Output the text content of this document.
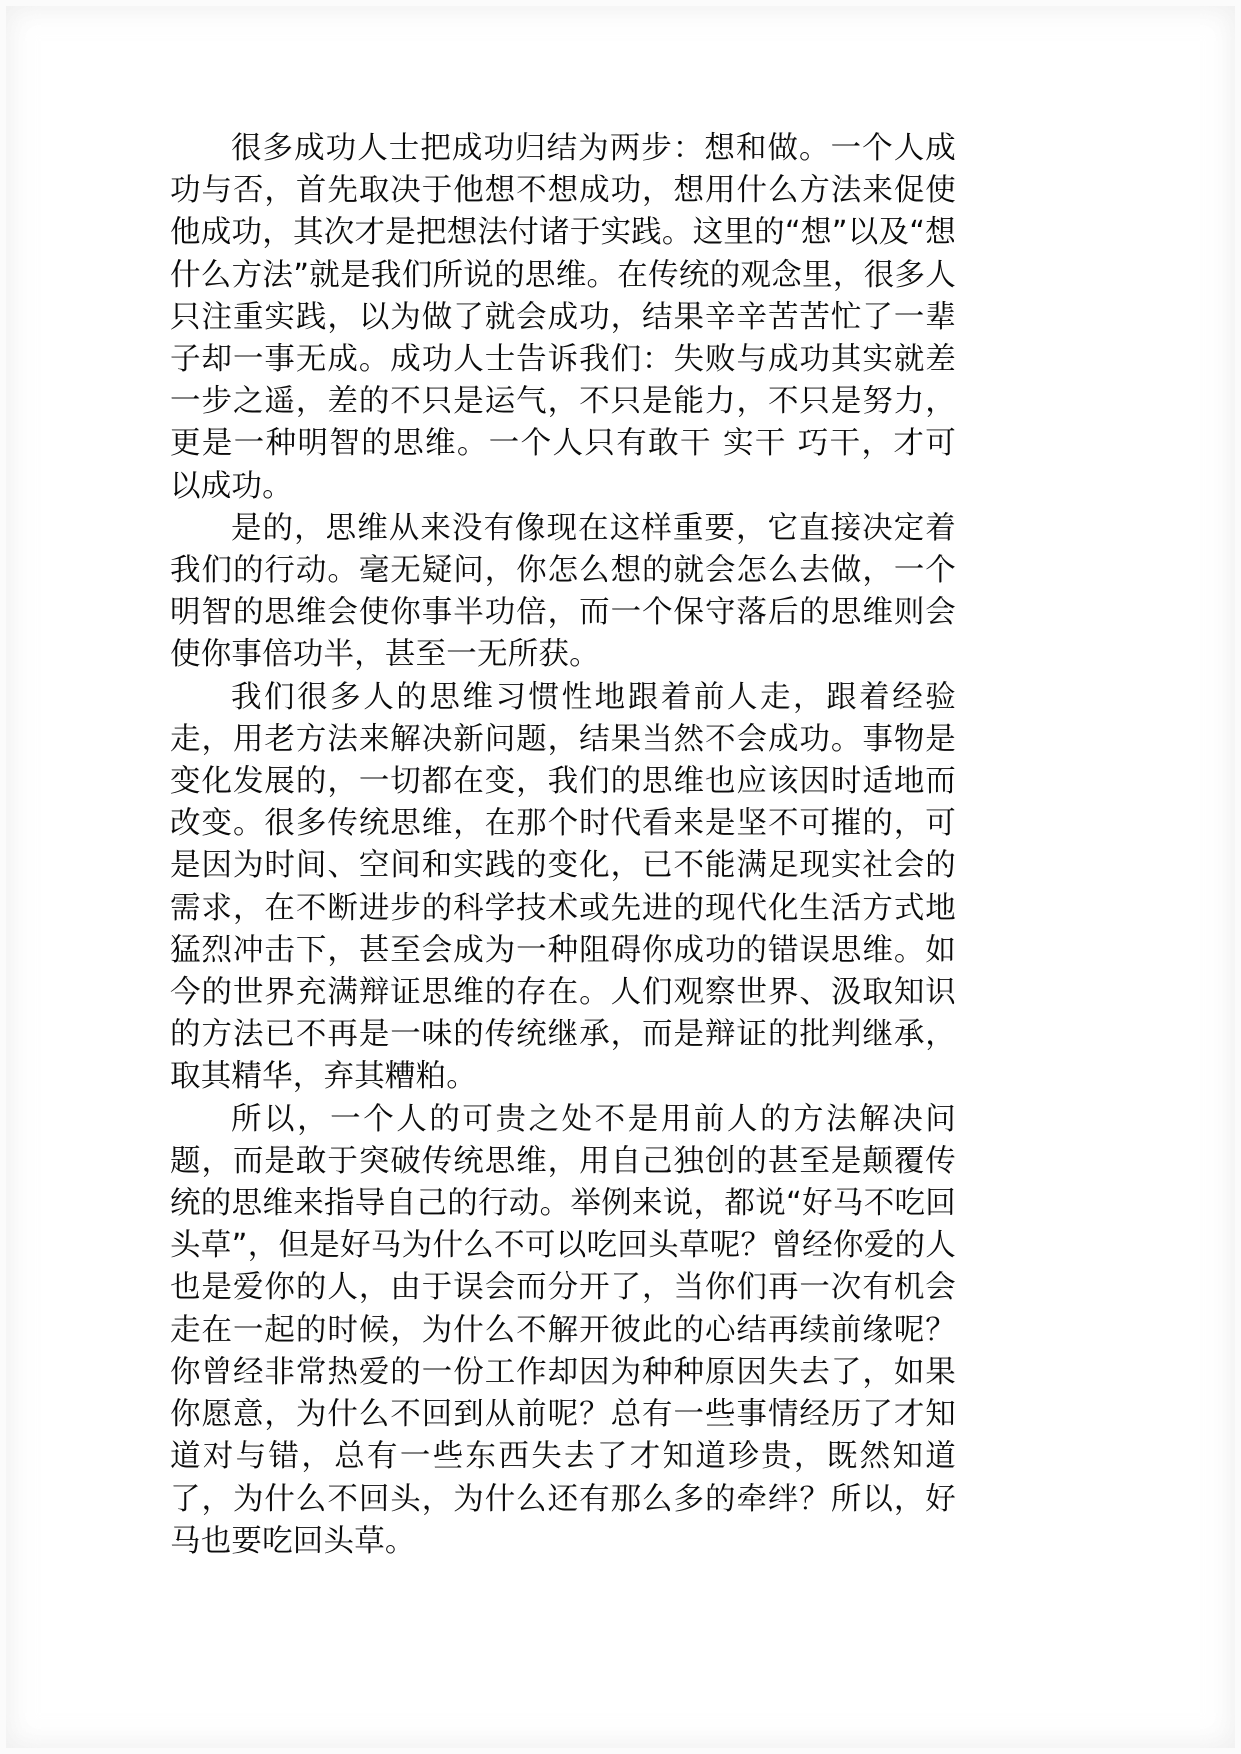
很多成功人士把成功归结为两步：想和做。一个人成功与否，首先取决于他想不想成功，想用什么方法来促使他成功，其次才是把想法付诸于实践。这里的“想”以及“想什么方法”就是我们所说的思维。在传统的观念里，很多人只注重实践，以为做了就会成功，结果辛辛苦苦忙了一辈子却一事无成。成功人士告诉我们：失败与成功其实就差一步之遥，差的不只是运气，不只是能力，不只是努力，更是一种明智的思维。一个人只有敢干 实干 巧干，才可以成功。

是的，思维从来没有像现在这样重要，它直接决定着我们的行动。毫无疑问，你怎么想的就会怎么去做，一个明智的思维会使你事半功倍，而一个保守落后的思维则会使你事倍功半，甚至一无所获。

我们很多人的思维习惯性地跟着前人走，跟着经验走，用老方法来解决新问题，结果当然不会成功。事物是变化发展的，一切都在变，我们的思维也应该因时适地而改变。很多传统思维，在那个时代看来是坚不可摧的，可是因为时间、空间和实践的变化，已不能满足现实社会的需求，在不断进步的科学技术或先进的现代化生活方式地猛烈冲击下，甚至会成为一种阻碍你成功的错误思维。如今的世界充满辩证思维的存在。人们观察世界、汲取知识的方法已不再是一味的传统继承，而是辩证的批判继承，取其精华，弃其糟粕。

所以，一个人的可贵之处不是用前人的方法解决问题，而是敢于突破传统思维，用自己独创的甚至是颠覆传统的思维来指导自己的行动。举例来说，都说“好马不吃回头草”，但是好马为什么不可以吃回头草呢？曾经你爱的人也是爱你的人，由于误会而分开了，当你们再一次有机会走在一起的时候，为什么不解开彼此的心结再续前缘呢？你曾经非常热爱的一份工作却因为种种原因失去了，如果你愿意，为什么不回到从前呢？总有一些事情经历了才知道对与错，总有一些东西失去了才知道珍贵，既然知道了，为什么不回头，为什么还有那么多的牵绊？所以，好马也要吃回头草。
